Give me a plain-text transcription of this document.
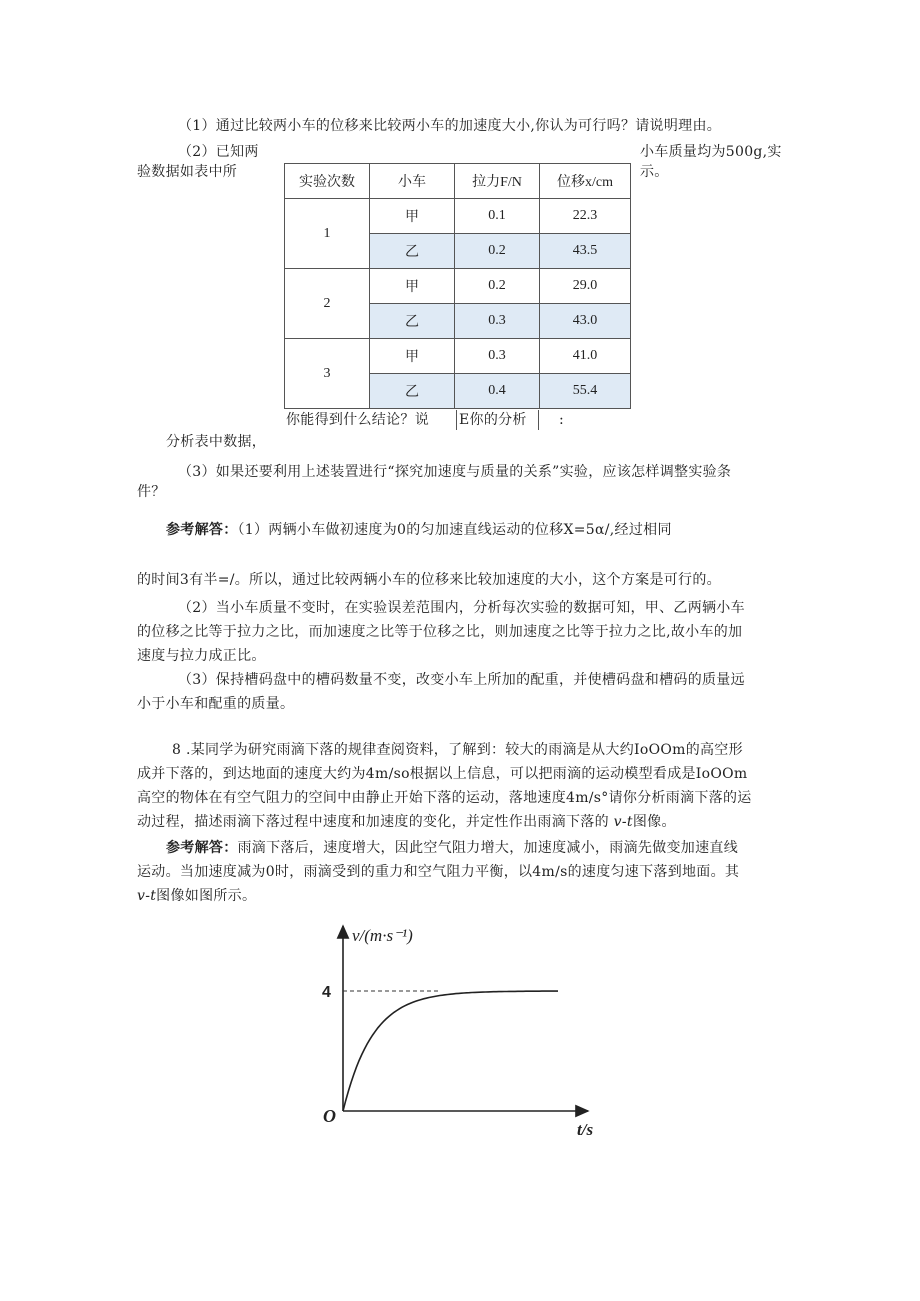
（1）通过比较两小车的位移来比较两小车的加速度大小,你认为可行吗？请说明理由。
（2）已知两	小车质量均为500g,实
验数据如表中所	示。
实验次数	小车	拉力F/N	位移x/cm
1	甲	0.1	22.3
	乙	0.2	43.5
2	甲	0.2	29.0
	乙	0.3	43.0
3	甲	0.3	41.0
	乙	0.4	55.4
你能得到什么结论？说 E你的分析	:
分析表中数据，
（3）如果还要利用上述装置进行“探究加速度与质量的关系”实验，应该怎样调整实验条
件？
参考解答：（1）两辆小车做初速度为0的匀加速直线运动的位移X=5α/,经过相同
的时间3有半=/。所以，通过比较两辆小车的位移来比较加速度的大小，这个方案是可行的。
（2）当小车质量不变时，在实验误差范围内，分析每次实验的数据可知，甲、乙两辆小车
的位移之比等于拉力之比，而加速度之比等于位移之比，则加速度之比等于拉力之比,故小车的加
速度与拉力成正比。
（3）保持槽码盘中的槽码数量不变，改变小车上所加的配重，并使槽码盘和槽码的质量远
小于小车和配重的质量。
8 .某同学为研究雨滴下落的规律查阅资料，了解到：较大的雨滴是从大约IoOOm的高空形
成并下落的，到达地面的速度大约为4m∕so根据以上信息，可以把雨滴的运动模型看成是IoOOm
高空的物体在有空气阻力的空间中由静止开始下落的运动，落地速度4m∕s°请你分析雨滴下落的运
动过程，描述雨滴下落过程中速度和加速度的变化，并定性作出雨滴下落的 v-t图像。
参考解答：雨滴下落后，速度增大，因此空气阻力增大，加速度减小，雨滴先做变加速直线
运动。当加速度减为0时，雨滴受到的重力和空气阻力平衡，以4m∕s的速度匀速下落到地面。其
v-t图像如图所示。
v/(m·s⁻¹)
t/s
O
4
